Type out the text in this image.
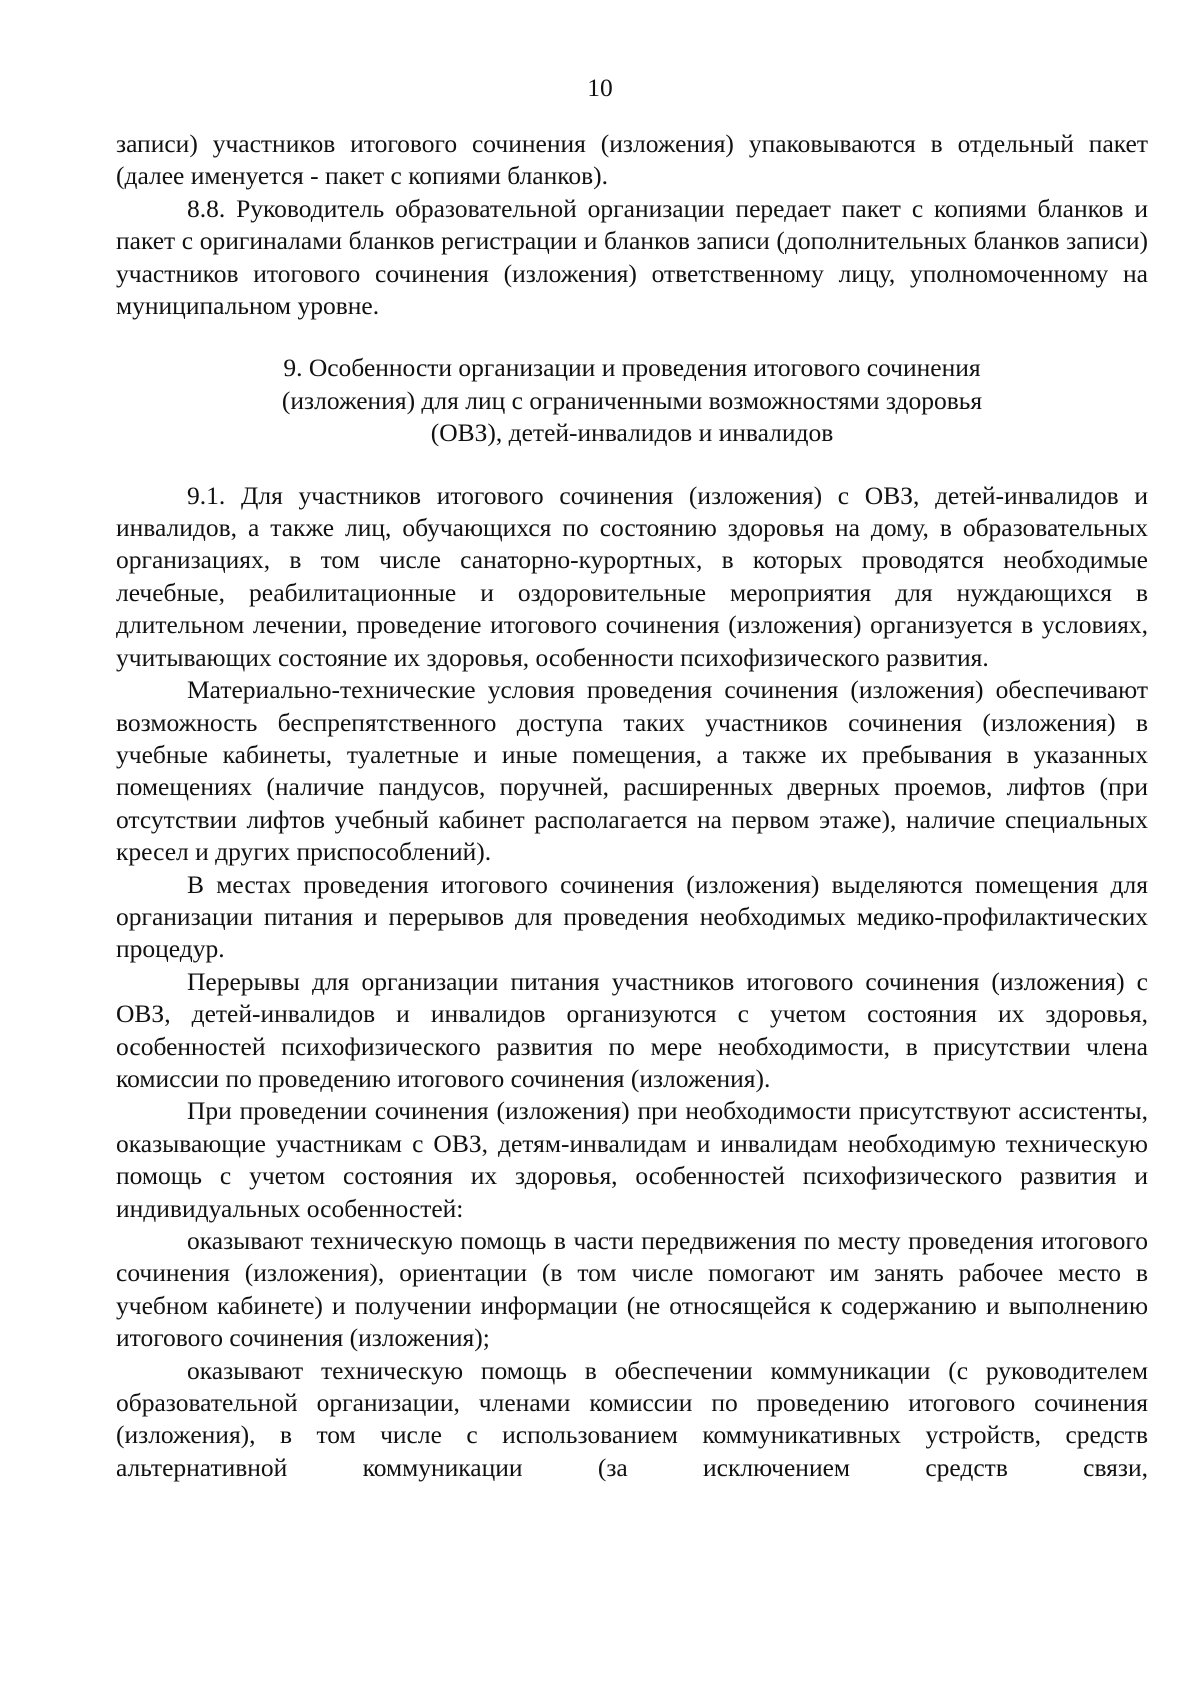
10

записи) участников итогового сочинения (изложения) упаковываются в отдельный пакет (далее именуется - пакет с копиями бланков).

8.8. Руководитель образовательной организации передает пакет с копиями бланков и пакет с оригиналами бланков регистрации и бланков записи (дополнительных бланков записи) участников итогового сочинения (изложения) ответственному лицу, уполномоченному на муниципальном уровне.

9. Особенности организации и проведения итогового сочинения
(изложения) для лиц с ограниченными возможностями здоровья
(ОВЗ), детей-инвалидов и инвалидов

9.1. Для участников итогового сочинения (изложения) с ОВЗ, детей-инвалидов и инвалидов, а также лиц, обучающихся по состоянию здоровья на дому, в образовательных организациях, в том числе санаторно-курортных, в которых проводятся необходимые лечебные, реабилитационные и оздоровительные мероприятия для нуждающихся в длительном лечении, проведение итогового сочинения (изложения) организуется в условиях, учитывающих состояние их здоровья, особенности психофизического развития.

Материально-технические условия проведения сочинения (изложения) обеспечивают возможность беспрепятственного доступа таких участников сочинения (изложения) в учебные кабинеты, туалетные и иные помещения, а также их пребывания в указанных помещениях (наличие пандусов, поручней, расширенных дверных проемов, лифтов (при отсутствии лифтов учебный кабинет располагается на первом этаже), наличие специальных кресел и других приспособлений).

В местах проведения итогового сочинения (изложения) выделяются помещения для организации питания и перерывов для проведения необходимых медико-профилактических процедур.

Перерывы для организации питания участников итогового сочинения (изложения) с ОВЗ, детей-инвалидов и инвалидов организуются с учетом состояния их здоровья, особенностей психофизического развития по мере необходимости, в присутствии члена комиссии по проведению итогового сочинения (изложения).

При проведении сочинения (изложения) при необходимости присутствуют ассистенты, оказывающие участникам с ОВЗ, детям-инвалидам и инвалидам необходимую техническую помощь с учетом состояния их здоровья, особенностей психофизического развития и индивидуальных особенностей:

оказывают техническую помощь в части передвижения по месту проведения итогового сочинения (изложения), ориентации (в том числе помогают им занять рабочее место в учебном кабинете) и получении информации (не относящейся к содержанию и выполнению итогового сочинения (изложения);

оказывают техническую помощь в обеспечении коммуникации (с руководителем образовательной организации, членами комиссии по проведению итогового сочинения (изложения), в том числе с использованием коммуникативных устройств, средств альтернативной коммуникации (за исключением средств связи,
